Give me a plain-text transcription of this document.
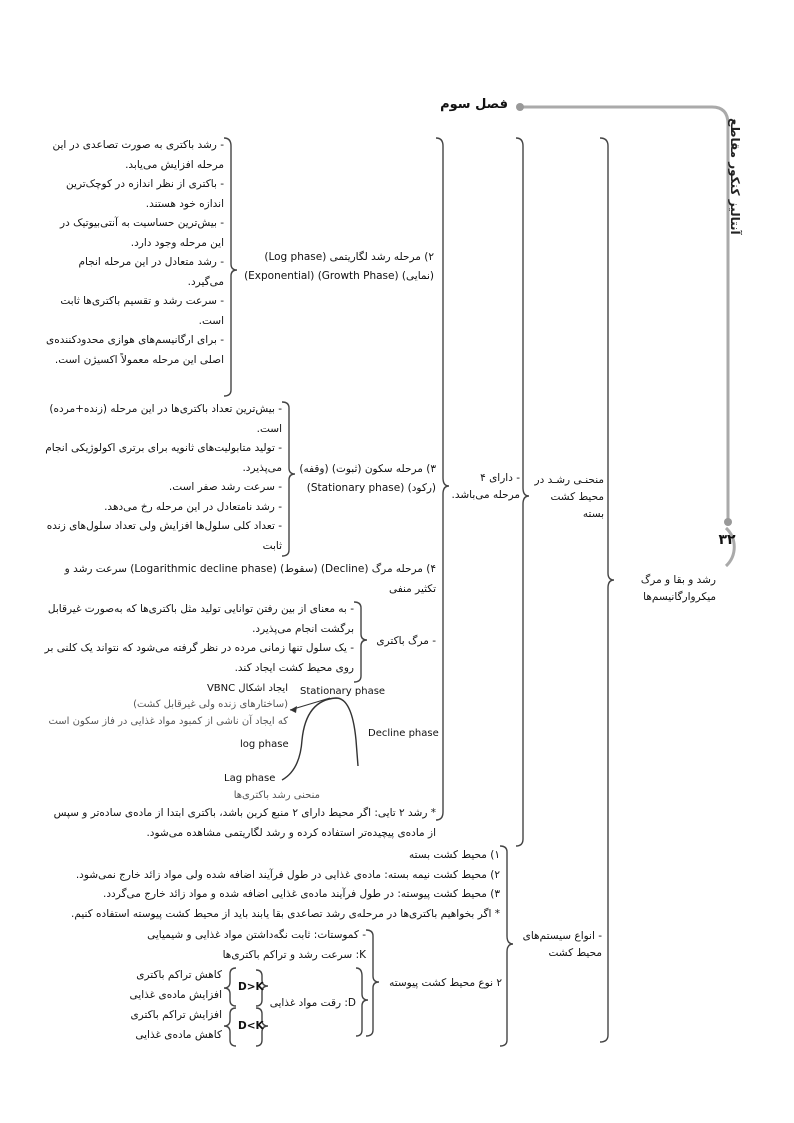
فصل سوم
آنتالیز کنکور مقاطع
۳۲
رشد و بقا و مرگ میکروارگانیسم‌ها
منحنـی رشـد در محیط کشت بسته
- دارای ۴ مرحله می‌باشد.
۲) مرحله رشد لگاریتمی (Log phase) (نمایی) (Growth Phase) (Exponential)
- رشد باکتری به صورت تصاعدی در این مرحله افزایش می‌یابد.
- باکتری از نظر اندازه در کوچک‌ترین اندازه خود هستند.
- بیش‌ترین حساسیت به آنتی‌بیوتیک در این مرحله وجود دارد.
- رشد متعادل در این مرحله انجام می‌گیرد.
- سرعت رشد و تقسیم باکتری‌ها ثابت است.
- برای ارگانیسم‌های هوازی محدودکننده‌ی اصلی این مرحله معمولاً اکسیژن است.
۳) مرحله سکون (ثبوت) (وقفه) (رکود) (Stationary phase)
- بیش‌ترین تعداد باکتری‌ها در این مرحله (زنده+مرده) است.
- تولید متابولیت‌های ثانویه برای برتری اکولوژیکی انجام می‌پذیرد.
- سرعت رشد صفر است.
- رشد نامتعادل در این مرحله رخ می‌دهد.
- تعداد کلی سلول‌ها افزایش ولی تعداد سلول‌های زنده ثابت
۴) مرحله مرگ (Decline) (سقوط) (Logarithmic decline phase) سرعت رشد و تکثیر منفی
- مرگ باکتری
- به معنای از بین رفتن توانایی تولید مثل باکتری‌ها که به‌صورت غیرقابل برگشت انجام می‌پذیرد.
- یک سلول تنها زمانی مرده در نظر گرفته می‌شود که نتواند یک کلنی بر روی محیط کشت ایجاد کند.
Stationary phase
Decline phase
log phase
Lag phase
ایجاد اشکال VBNC
(ساختارهای زنده ولی غیرقابل کشت)
که ایجاد آن ناشی از کمبود مواد غذایی در فاز سکون است
منحنی رشد باکتری‌ها
* رشد ۲ تایی: اگر محیط دارای ۲ منبع کربن باشد، باکتری ابتدا از ماده‌ی ساده‌تر و سپس از ماده‌ی پیچیده‌تر استفاده کرده و رشد لگاریتمی مشاهده می‌شود.
- انواع سیستم‌های محیط کشت
۱) محیط کشت بسته
۲) محیط کشت نیمه بسته: ماده‌ی غذایی در طول فرآیند اضافه شده ولی مواد زائد خارج نمی‌شود.
۳) محیط کشت پیوسته: در طول فرآیند ماده‌ی غذایی اضافه شده و مواد زائد خارج می‌گردد.
* اگر بخواهیم باکتری‌ها در مرحله‌ی رشد تصاعدی بقا یابند باید از محیط کشت پیوسته استفاده کنیم.
۲ نوع محیط کشت پیوسته
- کموستات: ثابت نگه‌داشتن مواد غذایی و شیمیایی
K: سرعت رشد و تراکم باکتری‌ها
D: رقت مواد غذایی
D>K
D<K
کاهش تراکم باکتری
افزایش ماده‌ی غذایی
افزایش تراکم باکتری
کاهش ماده‌ی غذایی
